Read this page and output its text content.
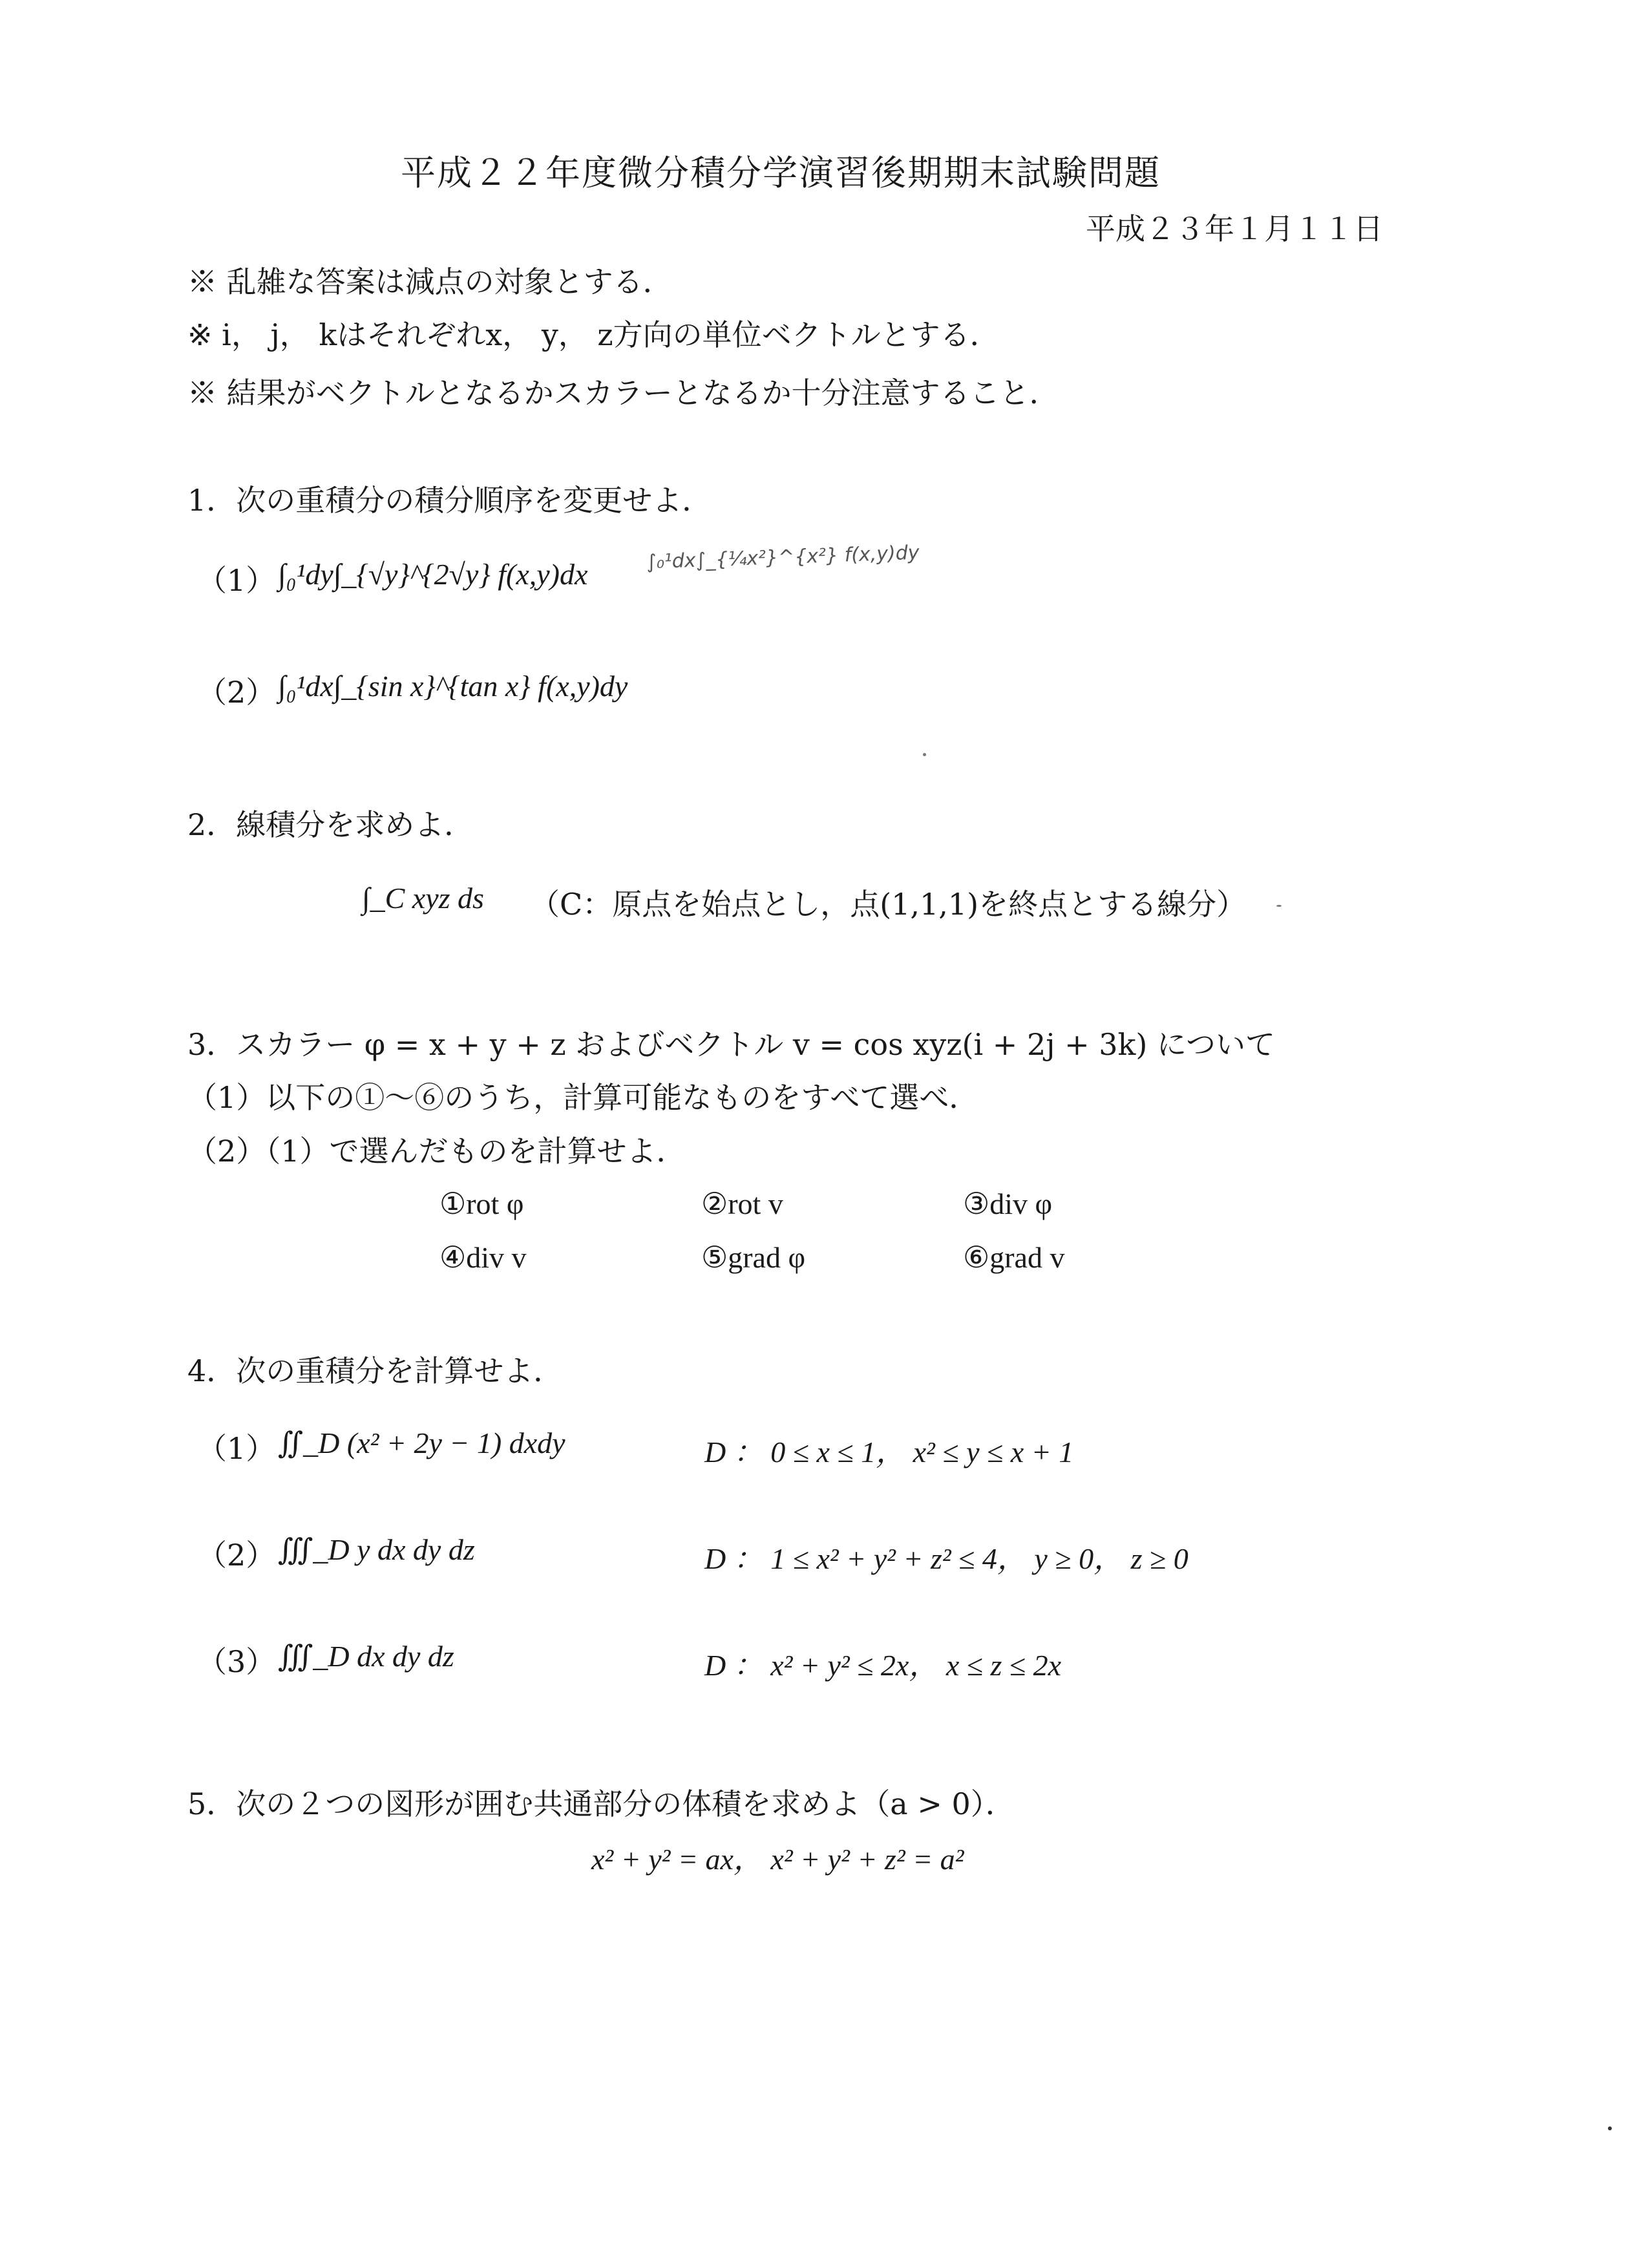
平成２２年度微分積分学演習後期期末試験問題
平成２３年１月１１日
※ 乱雑な答案は減点の対象とする．
※ i， j， kはそれぞれx， y， z方向の単位ベクトルとする．
※ 結果がベクトルとなるかスカラーとなるか十分注意すること．
1．次の重積分の積分順序を変更せよ．
（1） ∫₀¹dy∫_{√y}^{2√y} f(x,y)dx
∫₀¹dx∫_{¼x²}^{x²} f(x,y)dy
（2） ∫₀¹dx∫_{sin x}^{tan x} f(x,y)dy
2．線積分を求めよ．
∫_C xyz ds （C：原点を始点とし，点(1,1,1)を終点とする線分）
3．スカラー φ = x + y + z およびベクトル v = cos xyz(i + 2j + 3k) について
（1）以下の①～⑥のうち，計算可能なものをすべて選べ．
（2）（1）で選んだものを計算せよ．
①rot φ	②rot v	③div φ
④div v	⑤grad φ	⑥grad v
4．次の重積分を計算せよ．
（1） ∬_D (x² + 2y − 1) dxdy	D ： 0 ≤ x ≤ 1， x² ≤ y ≤ x + 1
（2） ∭_D y dx dy dz	D ： 1 ≤ x² + y² + z² ≤ 4， y ≥ 0， z ≥ 0
（3） ∭_D dx dy dz	D ： x² + y² ≤ 2x， x ≤ z ≤ 2x
5．次の２つの図形が囲む共通部分の体積を求めよ（a > 0）．
x² + y² = ax， x² + y² + z² = a²
